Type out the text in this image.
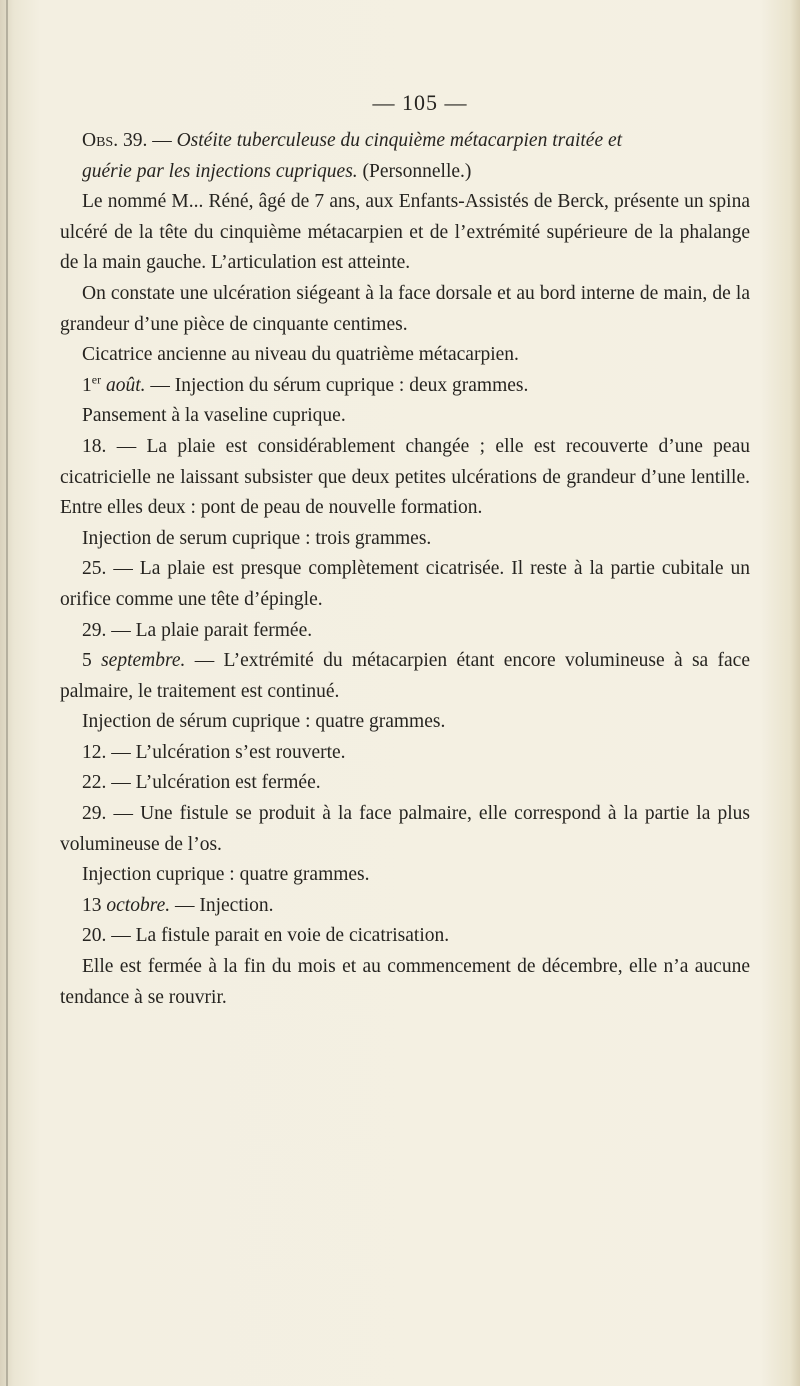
— 105 —

Obs. 39. — Ostéite tuberculeuse du cinquième métacarpien traitée et
guérie par les injections cupriques. (Personnelle.)

Le nommé M... Réné, âgé de 7 ans, aux Enfants-Assistés de Berck, présente un spina ulcéré de la tête du cinquième métacarpien et de l’extrémité supérieure de la phalange de la main gauche. L’articulation est atteinte.

On constate une ulcération siégeant à la face dorsale et au bord interne de main, de la grandeur d’une pièce de cinquante centimes.

Cicatrice ancienne au niveau du quatrième métacarpien.

1er août. — Injection du sérum cuprique : deux grammes.

Pansement à la vaseline cuprique.

18. — La plaie est considérablement changée ; elle est recouverte d’une peau cicatricielle ne laissant subsister que deux petites ulcérations de grandeur d’une lentille. Entre elles deux : pont de peau de nouvelle formation.

Injection de serum cuprique : trois grammes.

25. — La plaie est presque complètement cicatrisée. Il reste à la partie cubitale un orifice comme une tête d’épingle.

29. — La plaie parait fermée.

5 septembre. — L’extrémité du métacarpien étant encore volumineuse à sa face palmaire, le traitement est continué.

Injection de sérum cuprique : quatre grammes.

12. — L’ulcération s’est rouverte.

22. — L’ulcération est fermée.

29. — Une fistule se produit à la face palmaire, elle correspond à la partie la plus volumineuse de l’os.

Injection cuprique : quatre grammes.

13 octobre. — Injection.

20. — La fistule parait en voie de cicatrisation.

Elle est fermée à la fin du mois et au commencement de décembre, elle n’a aucune tendance à se rouvrir.
